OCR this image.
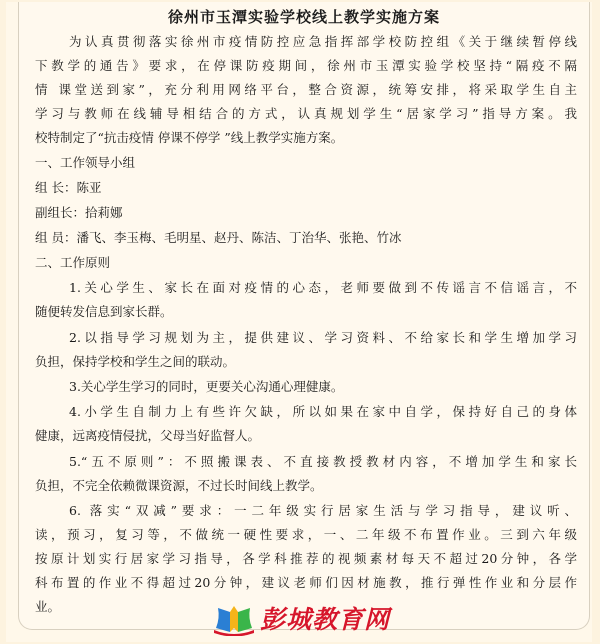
徐州市玉潭实验学校线上教学实施方案
为认真贯彻落实徐州市疫情防控应急指挥部学校防控组《关于继续暂停线
下教学的通告》要求，在停课防疫期间，徐州市玉潭实验学校坚持“隔疫不隔
情 课堂送到家”，充分利用网络平台，整合资源，统筹安排，将采取学生自主
学习与教师在线辅导相结合的方式，认真规划学生“居家学习”指导方案。我
校特制定了“抗击疫情 停课不停学 ”线上教学实施方案。
一、工作领导小组
组 长：陈亚
副组长：拾莉娜
组 员：潘飞、李玉梅、毛明星、赵丹、陈洁、丁治华、张艳、竹冰
二、工作原则
1.关心学生、家长在面对疫情的心态，老师要做到不传谣言不信谣言，不
随便转发信息到家长群。
2.以指导学习规划为主，提供建议、学习资料、不给家长和学生增加学习
负担，保持学校和学生之间的联动。
3.关心学生学习的同时，更要关心沟通心理健康。
4.小学生自制力上有些许欠缺，所以如果在家中自学，保持好自己的身体
健康，远离疫情侵扰，父母当好监督人。
5.“五不原则”：不照搬课表、不直接教授教材内容，不增加学生和家长
负担，不完全依赖微课资源，不过长时间线上教学。
6. 落实“双减”要求：一二年级实行居家生活与学习指导，建议听、
读，预习，复习等，不做统一硬性要求，一、二年级不布置作业。三到六年级
按原计划实行居家学习指导，各学科推荐的视频素材每天不超过20分钟，各学
科布置的作业不得超过20分钟，建议老师们因材施教，推行弹性作业和分层作
业。	彭城教育网
